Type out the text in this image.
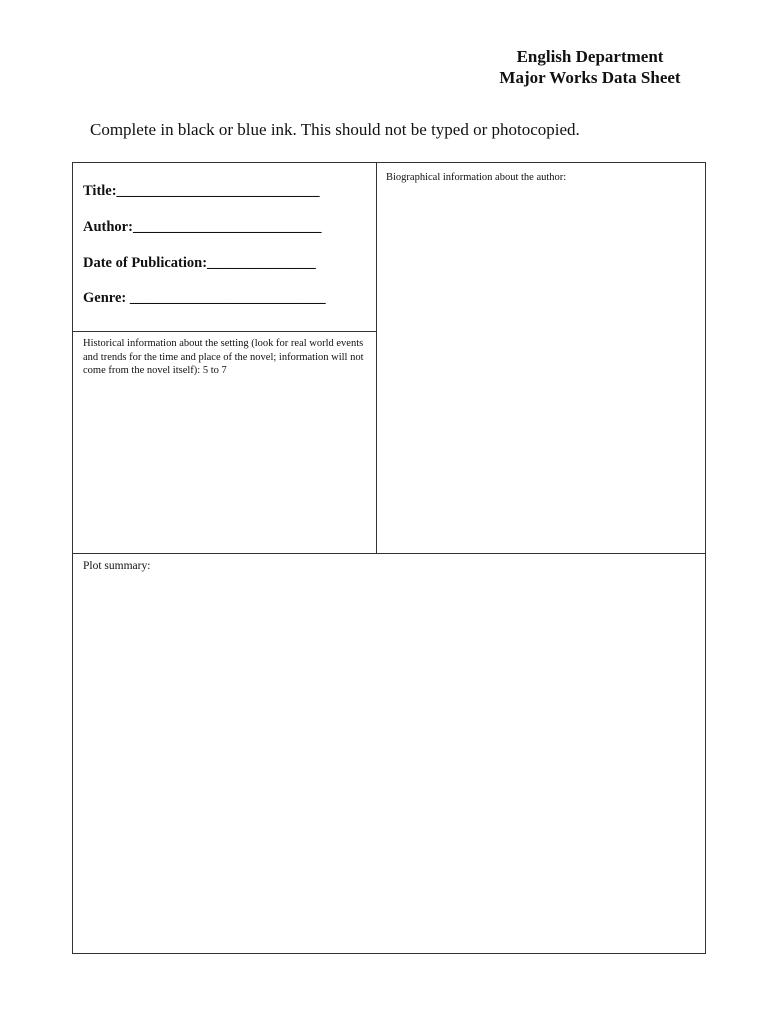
English Department
Major Works Data Sheet
Complete in black or blue ink. This should not be typed or photocopied.
Title:____________________________
Author:__________________________
Date of Publication:_______________
Genre: ___________________________
Biographical information about the author:
Historical information about the setting (look for real world events and trends for the time and place of the novel; information will not come from the novel itself): 5 to 7
Plot summary:
